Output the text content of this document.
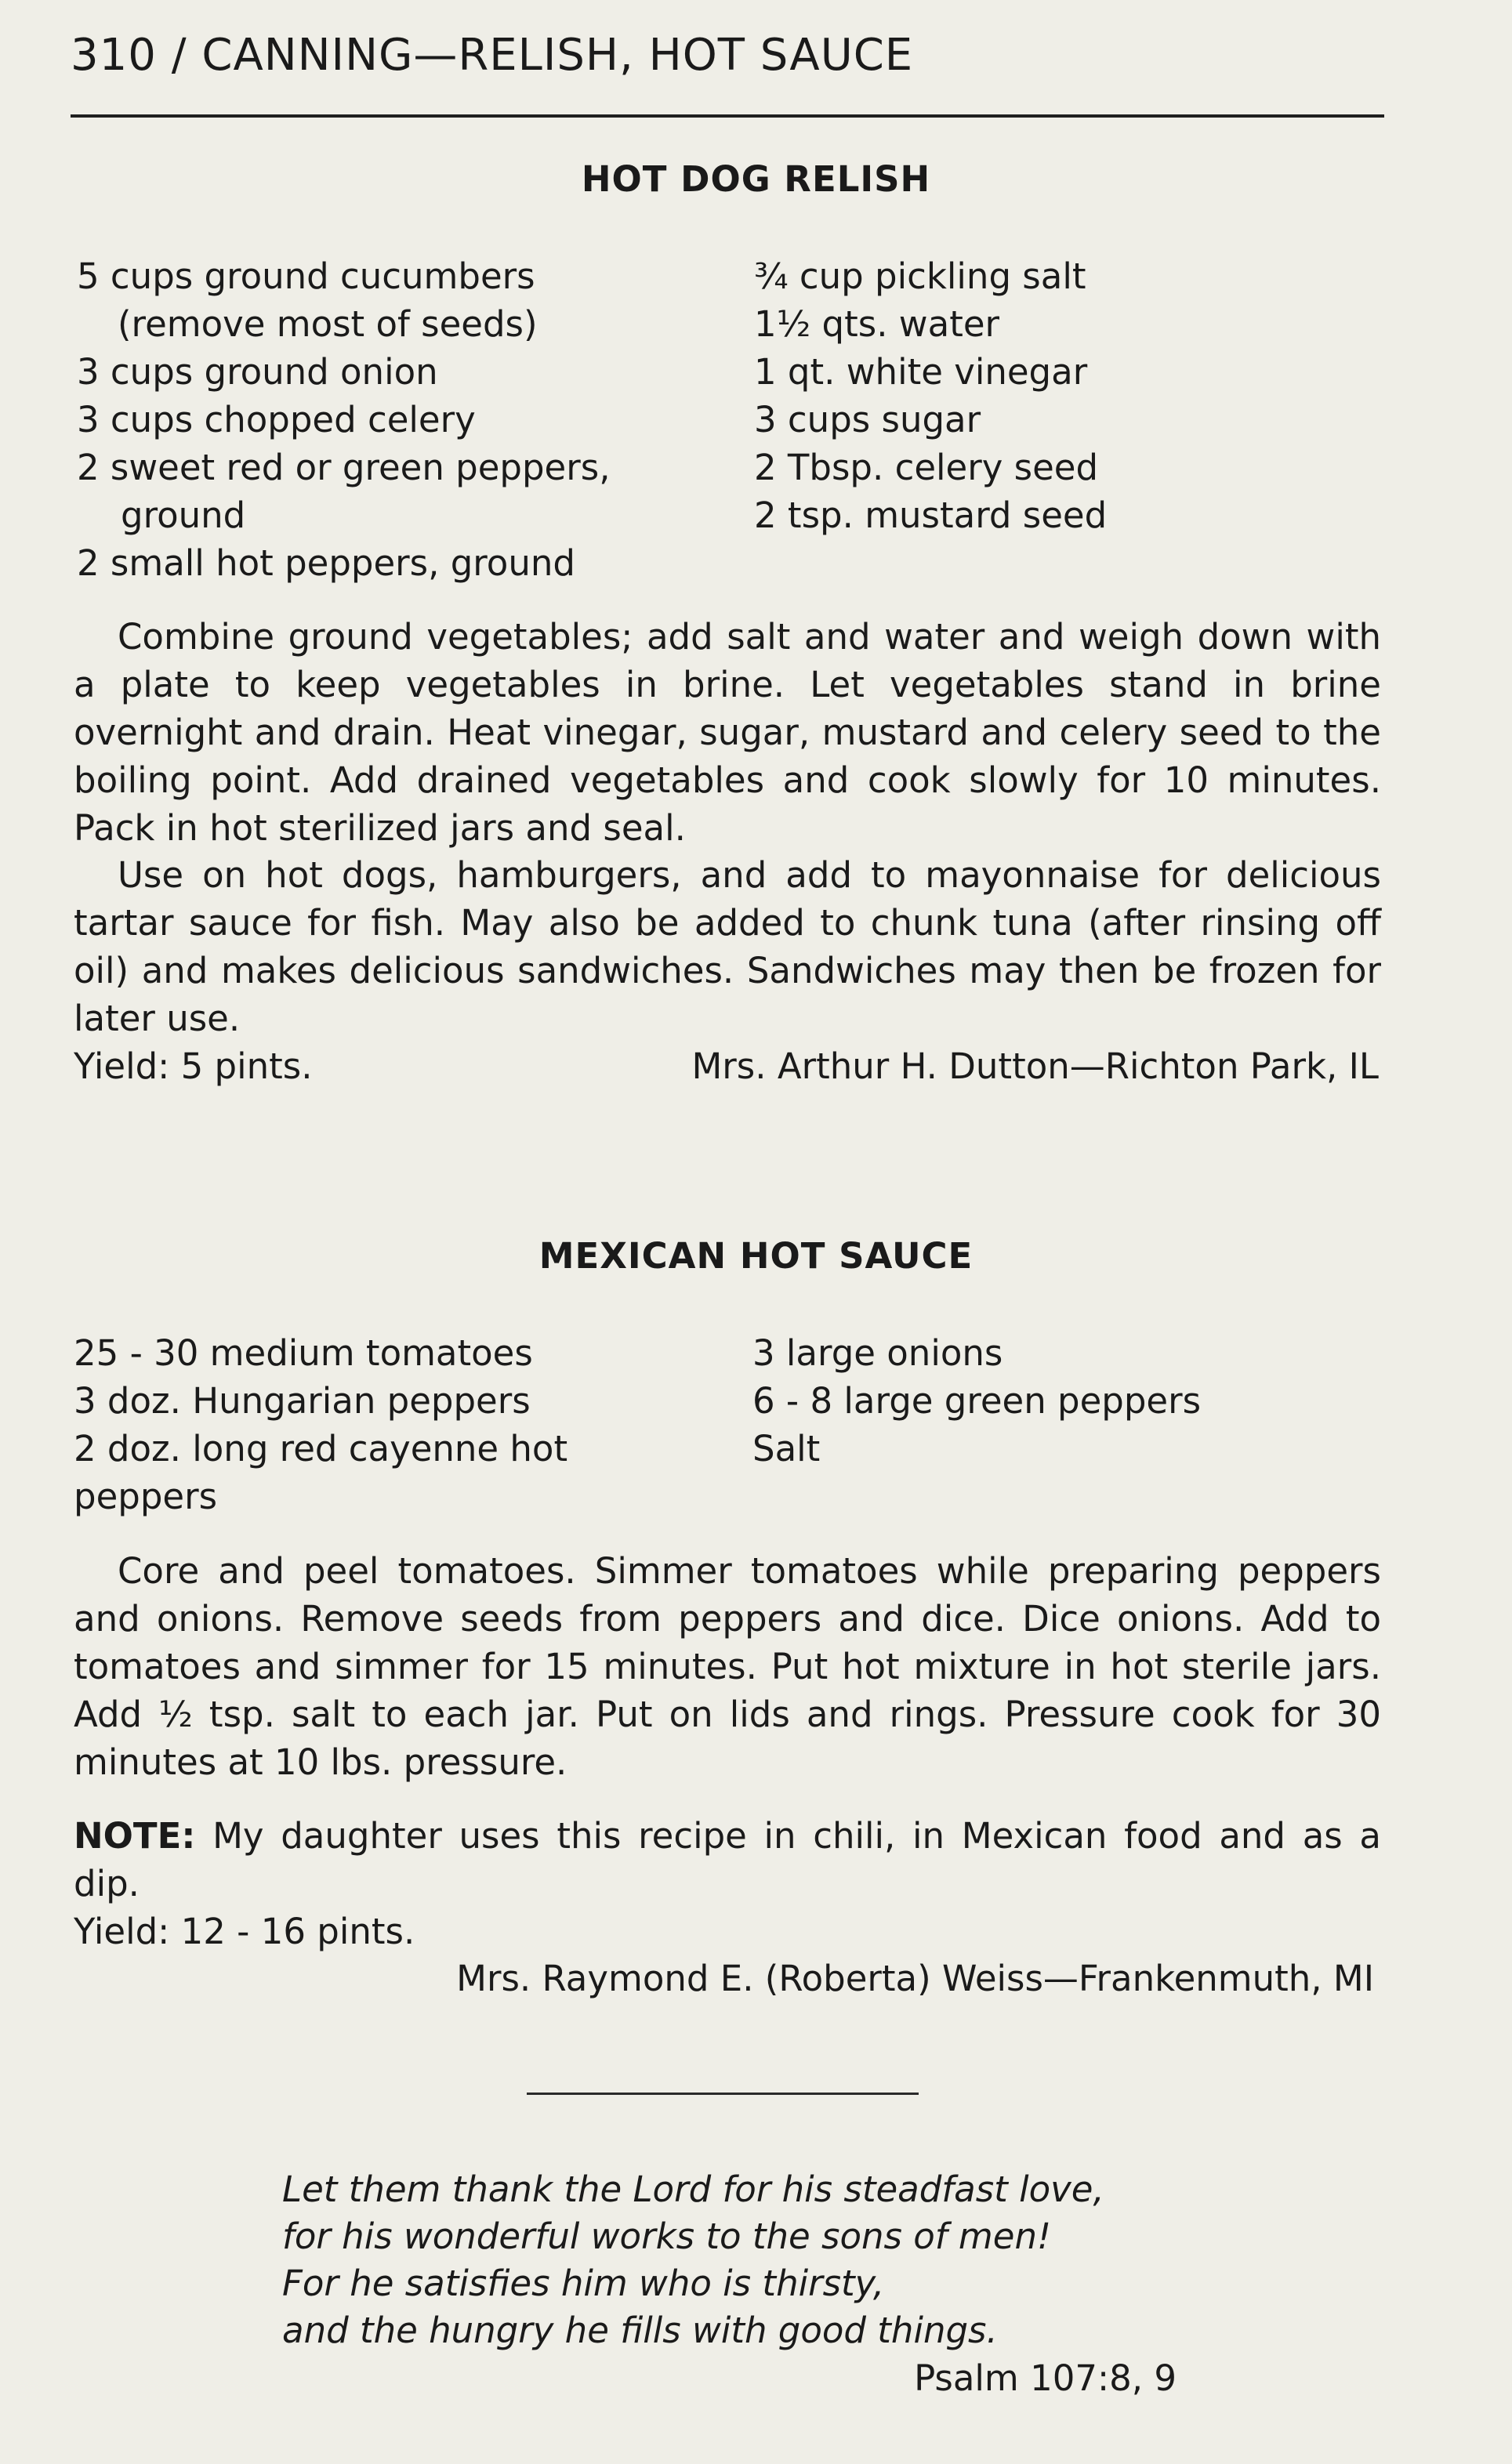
310 / CANNING—RELISH, HOT SAUCE
HOT DOG RELISH
5 cups ground cucumbers
(remove most of seeds)
3 cups ground onion
3 cups chopped celery
2 sweet red or green peppers,
ground
2 small hot peppers, ground
¾ cup pickling salt
1½ qts. water
1 qt. white vinegar
3 cups sugar
2 Tbsp. celery seed
2 tsp. mustard seed
Combine ground vegetables; add salt and water and weigh down with a plate to keep vegetables in brine. Let vegetables stand in brine overnight and drain. Heat vinegar, sugar, mustard and celery seed to the boiling point. Add drained vegetables and cook slowly for 10 minutes. Pack in hot sterilized jars and seal.
Use on hot dogs, hamburgers, and add to mayonnaise for delicious tartar sauce for fish. May also be added to chunk tuna (after rinsing off oil) and makes delicious sandwiches. Sandwiches may then be frozen for later use.
Yield: 5 pints.	Mrs. Arthur H. Dutton—Richton Park, IL
MEXICAN HOT SAUCE
25 - 30 medium tomatoes
3 doz. Hungarian peppers
2 doz. long red cayenne hot
peppers
3 large onions
6 - 8 large green peppers
Salt
Core and peel tomatoes. Simmer tomatoes while preparing peppers and onions. Remove seeds from peppers and dice. Dice onions. Add to tomatoes and simmer for 15 minutes. Put hot mixture in hot sterile jars. Add ½ tsp. salt to each jar. Put on lids and rings. Pressure cook for 30 minutes at 10 lbs. pressure.
NOTE: My daughter uses this recipe in chili, in Mexican food and as a dip.
Yield: 12 - 16 pints.
Mrs. Raymond E. (Roberta) Weiss—Frankenmuth, MI
Let them thank the Lord for his steadfast love,
for his wonderful works to the sons of men!
For he satisfies him who is thirsty,
and the hungry he fills with good things.
Psalm 107:8, 9
